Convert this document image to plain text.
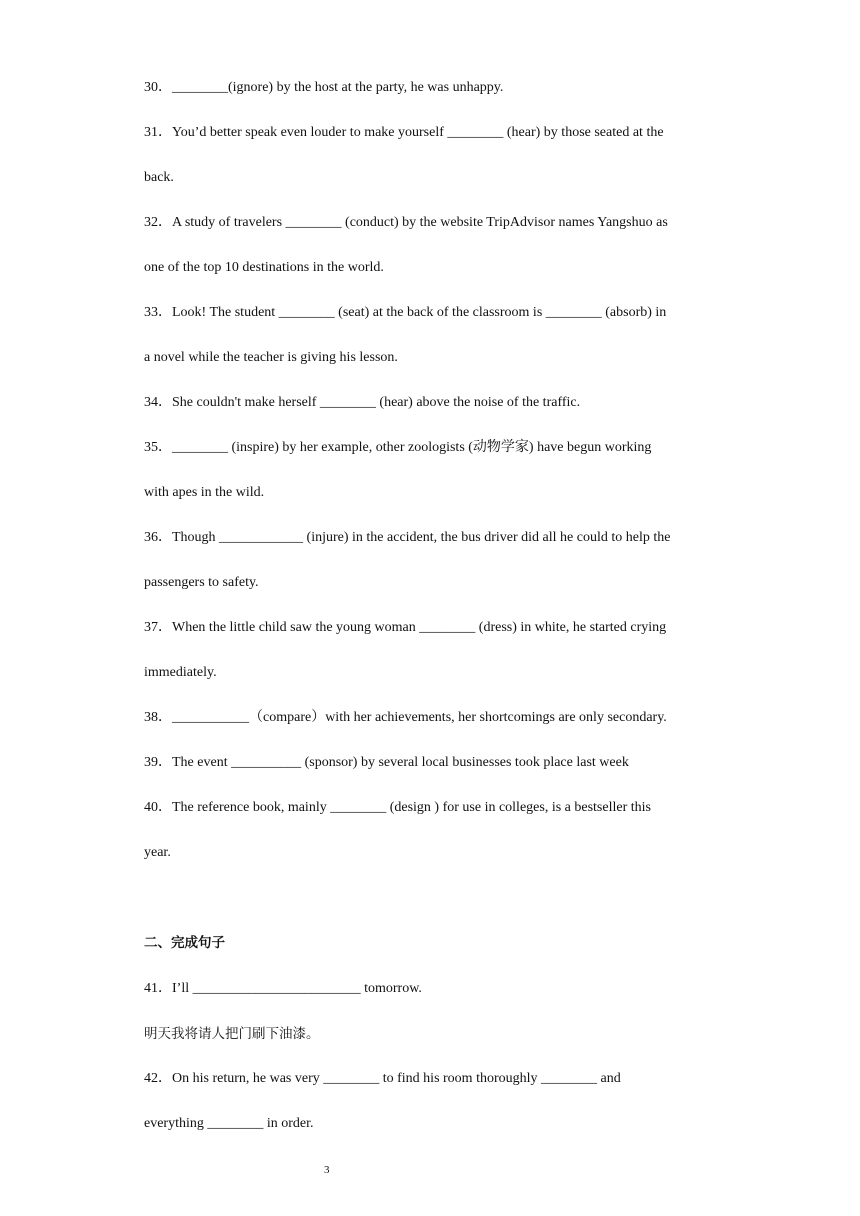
30．________(ignore) by the host at the party, he was unhappy.
31．You’d better speak even louder to make yourself ________ (hear) by those seated at the
back.
32．A study of travelers ________ (conduct) by the website TripAdvisor names Yangshuo as
one of the top 10 destinations in the world.
33．Look! The student ________ (seat) at the back of the classroom is ________ (absorb) in
a novel while the teacher is giving his lesson.
34．She couldn't make herself ________ (hear) above the noise of the traffic.
35．________ (inspire) by her example, other zoologists (动物学家) have begun working
with apes in the wild.
36．Though ____________ (injure) in the accident, the bus driver did all he could to help the
passengers to safety.
37．When the little child saw the young woman ________ (dress) in white, he started crying
immediately.
38．___________（compare）with her achievements, her shortcomings are only secondary.
39．The event __________ (sponsor) by several local businesses took place last week
40．The reference book, mainly ________ (design ) for use in colleges, is a bestseller this
year.
二、完成句子
41．I’ll ________________________ tomorrow.
明天我将请人把门刷下油漆。
42．On his return, he was very ________ to find his room thoroughly ________ and
everything ________ in order.
3
